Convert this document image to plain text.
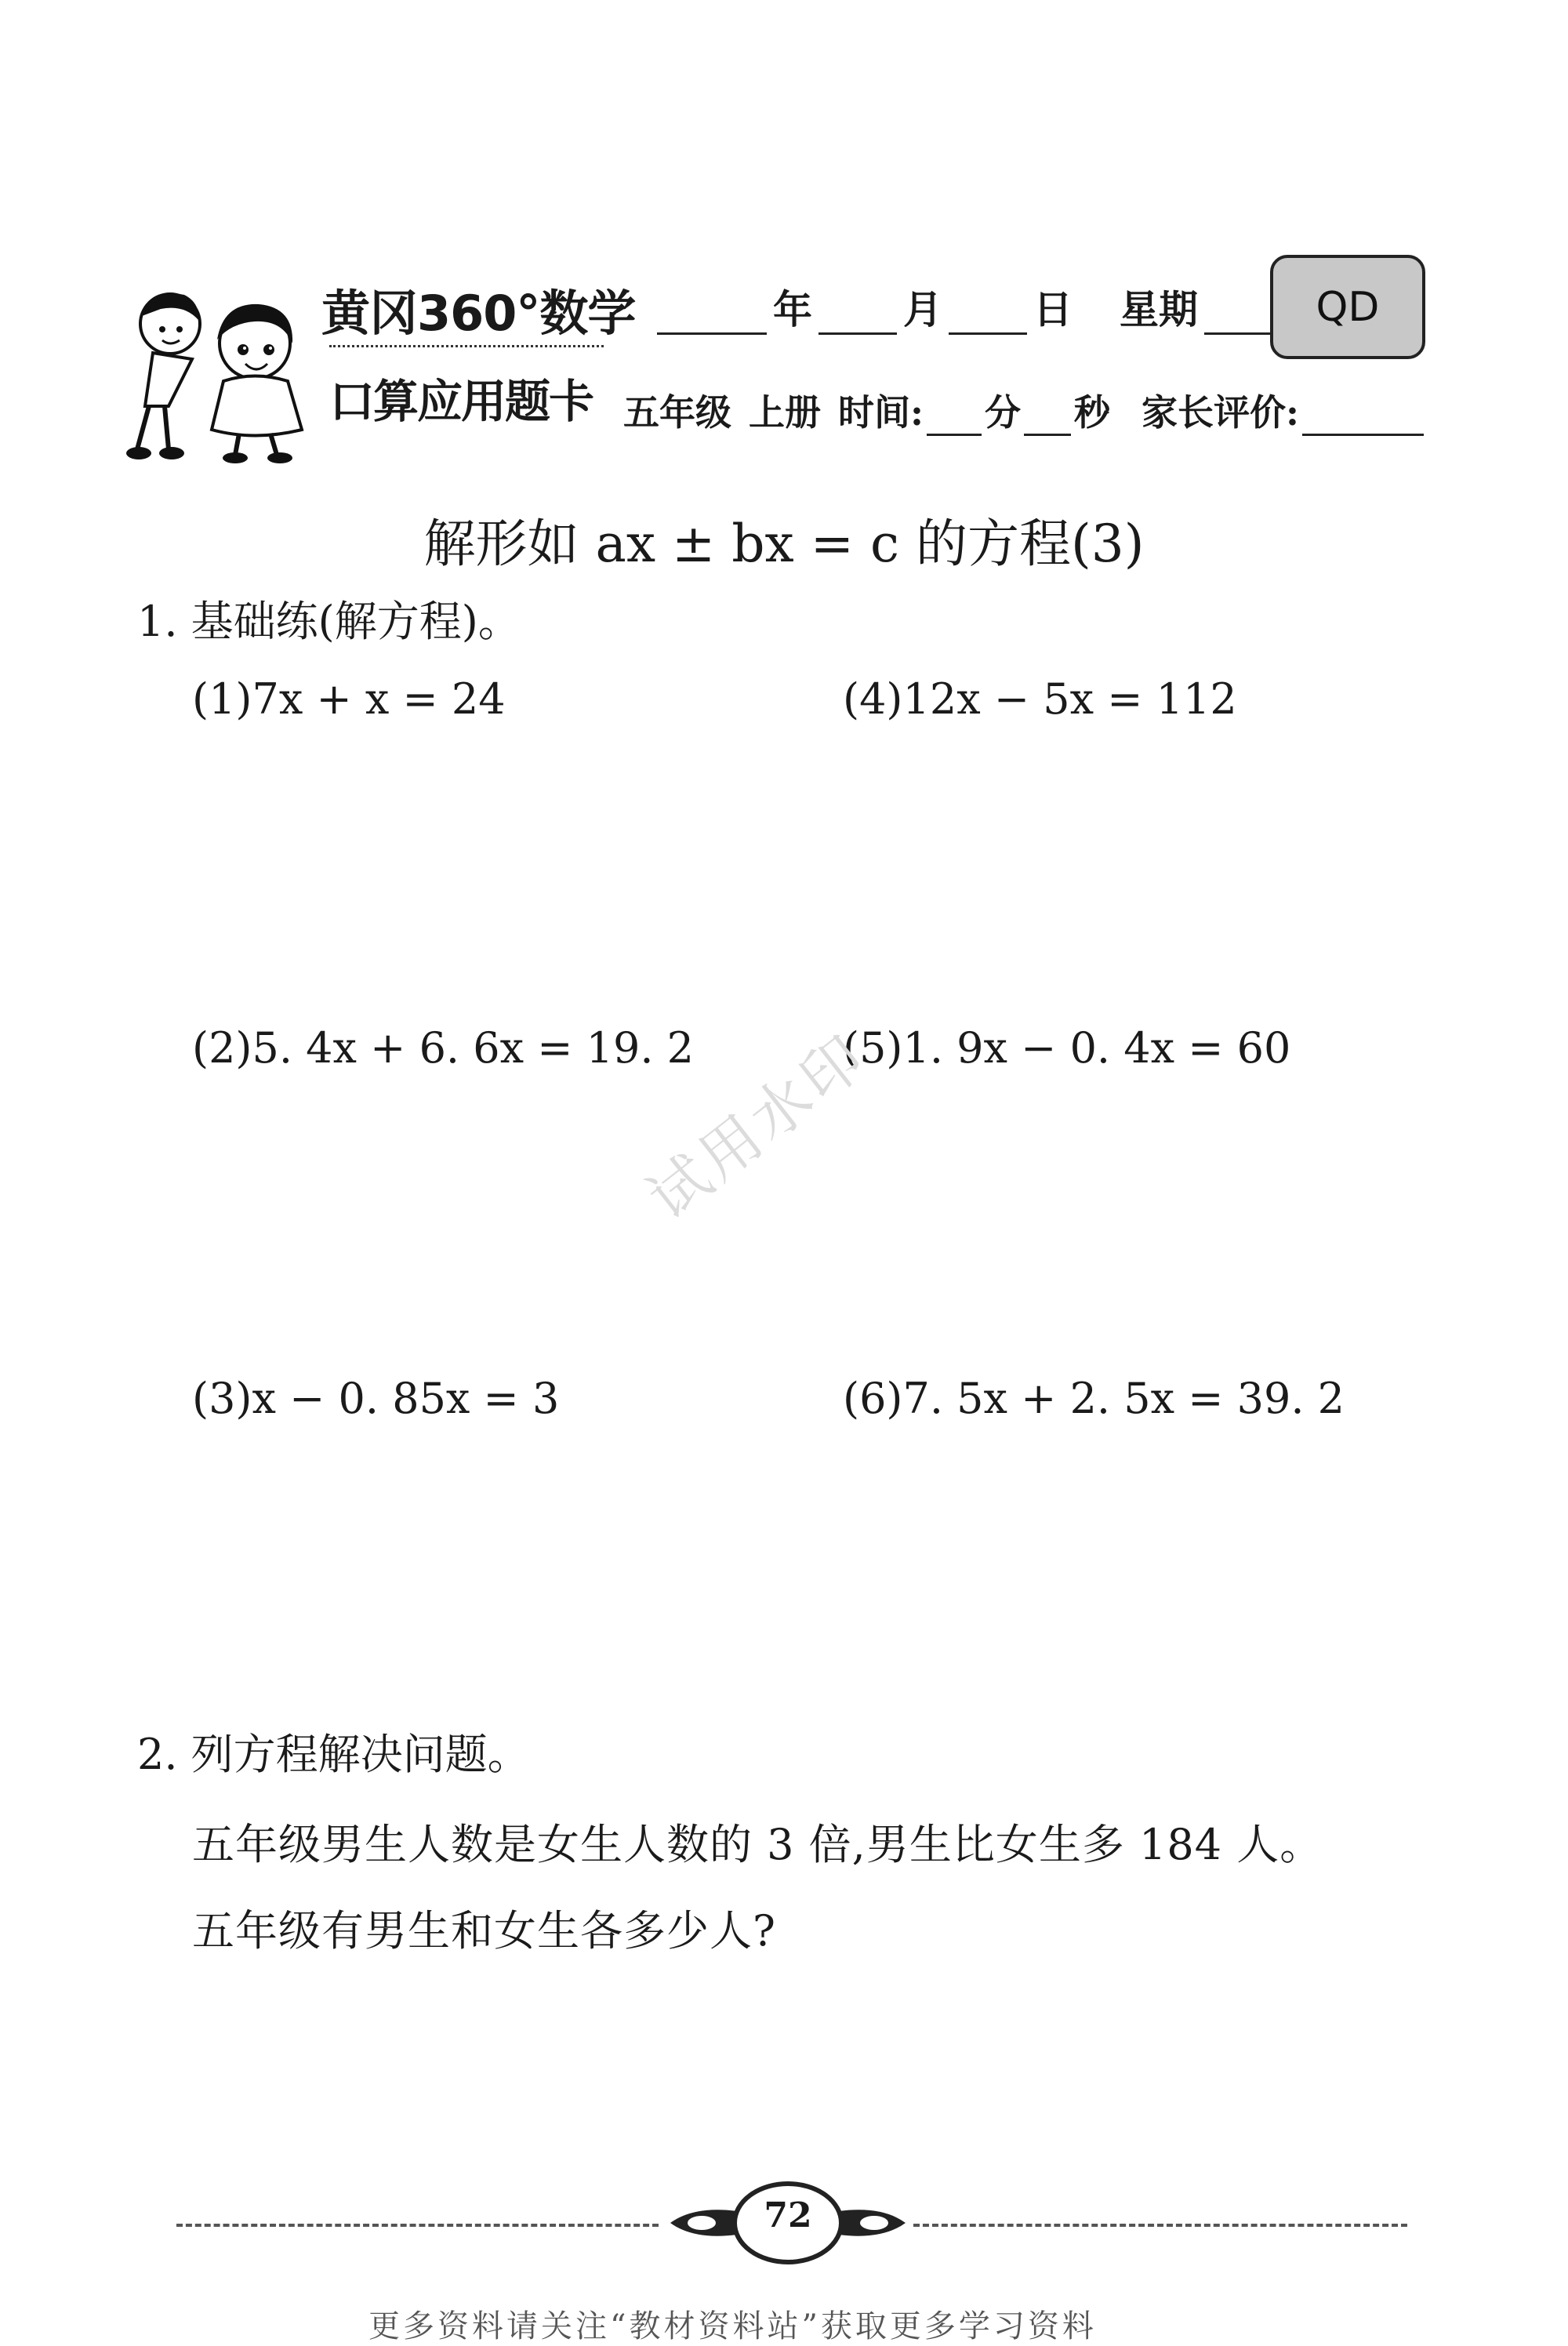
黄冈360°数学
口算应用题卡
年 月 日 星期	QD
五年级 上册 时间: 分 秒 家长评价:
解形如 ax ± bx = c 的方程(3)
1. 基础练(解方程)。
(1)7x + x = 24
(2)5. 4x + 6. 6x = 19. 2
(3)x − 0. 85x = 3
(4)12x − 5x = 112
(5)1. 9x − 0. 4x = 60
(6)7. 5x + 2. 5x = 39. 2
试用水印
2. 列方程解决问题。
五年级男生人数是女生人数的 3 倍,男生比女生多 184 人。
五年级有男生和女生各多少人?
72
更多资料请关注“教材资料站”获取更多学习资料
